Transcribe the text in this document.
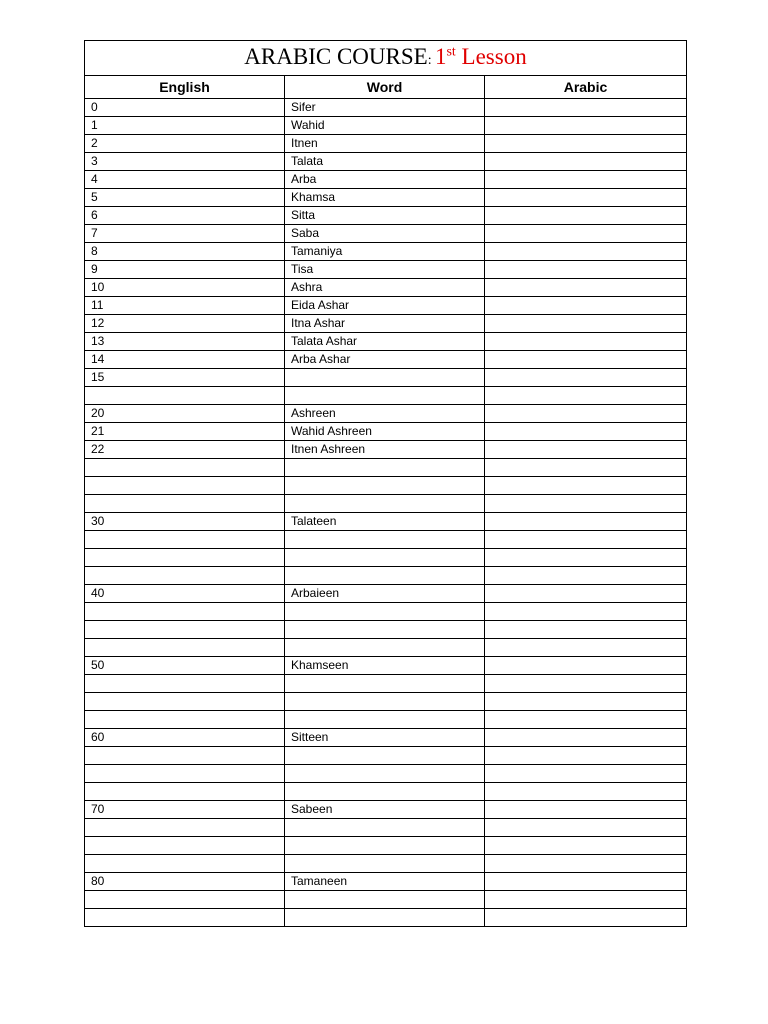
ARABIC COURSE: 1st Lesson		
English	Word	Arabic
0	Sifer	
1	Wahid	
2	Itnen	
3	Talata	
4	Arba	
5	Khamsa	
6	Sitta	
7	Saba	
8	Tamaniya	
9	Tisa	
10	Ashra	
11	Eida Ashar	
12	Itna Ashar	
13	Talata Ashar	
14	Arba Ashar	
15		

20	Ashreen	
21	Wahid Ashreen	
22	Itnen Ashreen	

30	Talateen	

40	Arbaieen	

50	Khamseen	

60	Sitteen	

70	Sabeen	

80	Tamaneen	
